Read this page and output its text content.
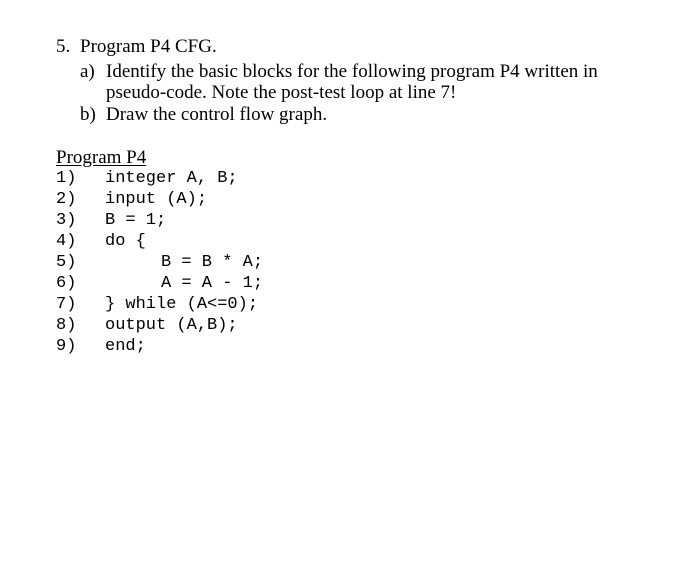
5. Program P4 CFG.
a) Identify the basic blocks for the following program P4 written in
pseudo-code. Note the post-test loop at line 7!
b) Draw the control flow graph.
Program P4
1) integer A, B;
2) input (A);
3) B = 1;
4) do {
5)	B = B * A;
6)	A = A - 1;
7) } while (A<=0);
8) output (A,B);
9) end;
